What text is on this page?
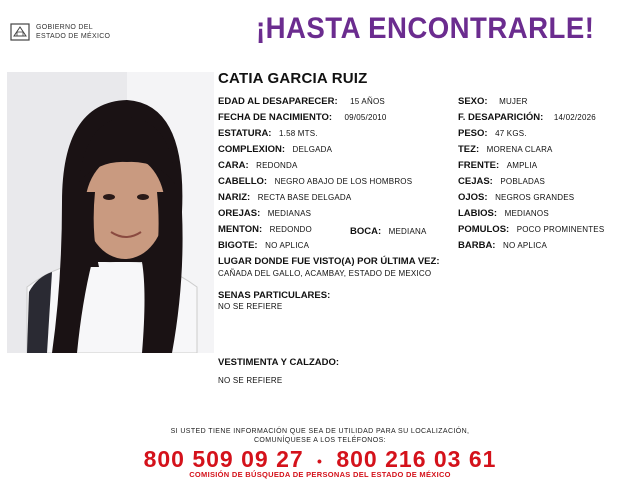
GOBIERNO DEL
ESTADO DE MÉXICO	¡HASTA ENCONTRARLE!
CATIA GARCIA RUIZ
EDAD AL DESAPARECER: 15 AÑOS
FECHA DE NACIMIENTO: 09/05/2010
ESTATURA: 1.58 MTS.
COMPLEXION: DELGADA
CARA: REDONDA
CABELLO: NEGRO ABAJO DE LOS HOMBROS
NARIZ: RECTA BASE DELGADA
OREJAS: MEDIANAS
MENTON: REDONDO	BOCA: MEDIANA
BIGOTE: NO APLICA
SEXO: MUJER
F. DESAPARICIÓN: 14/02/2026
PESO: 47 KGS.
TEZ: MORENA CLARA
FRENTE: AMPLIA
CEJAS: POBLADAS
OJOS: NEGROS GRANDES
LABIOS: MEDIANOS
POMULOS: POCO PROMINENTES
BARBA: NO APLICA
LUGAR DONDE FUE VISTO(A) POR ÚLTIMA VEZ:
CAÑADA DEL GALLO, ACAMBAY, ESTADO DE MEXICO
SENAS PARTICULARES:
NO SE REFIERE
VESTIMENTA Y CALZADO:
NO SE REFIERE
SI USTED TIENE INFORMACIÓN QUE SEA DE UTILIDAD PARA SU LOCALIZACIÓN,
COMUNÍQUESE A LOS TELÉFONOS:
800 509 09 27 • 800 216 03 61
COMISIÓN DE BÚSQUEDA DE PERSONAS DEL ESTADO DE MÉXICO
